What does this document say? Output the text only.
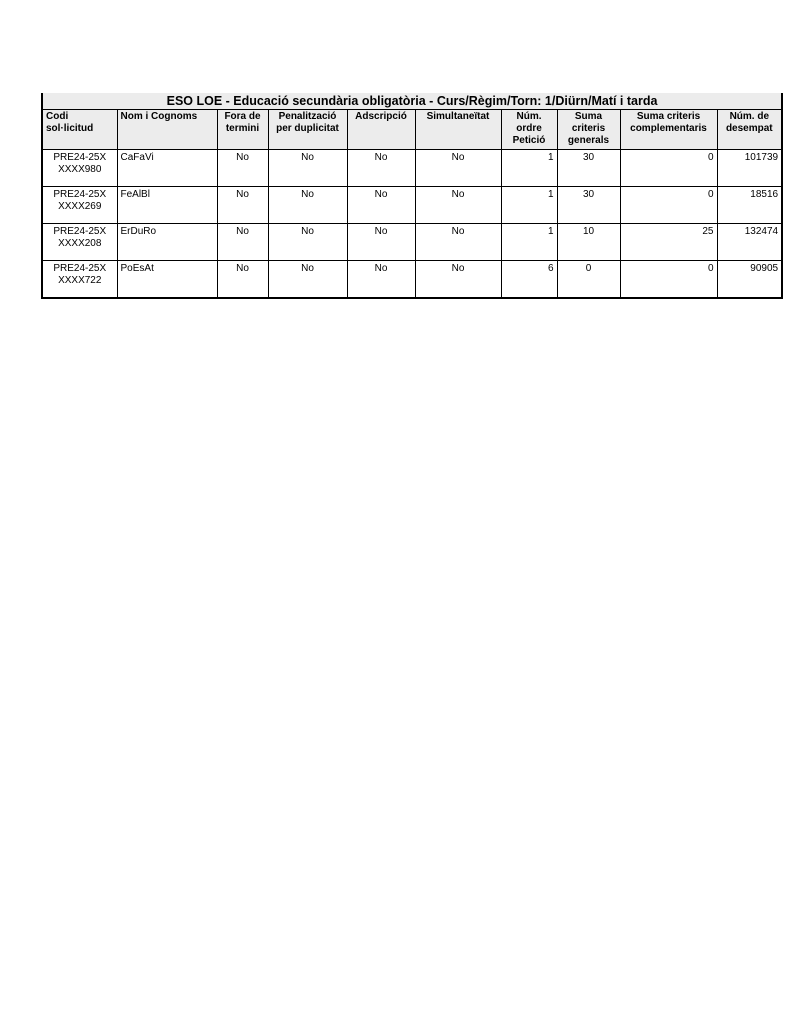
ESO LOE - Educació secundària obligatòria - Curs/Règim/Torn: 1/Diürn/Matí i tarda									
Codi sol·licitud	Nom i Cognoms	Fora de termini	Penalització per duplicitat	Adscripció	Simultaneïtat	Núm. ordre Petició	Suma criteris generals	Suma criteris complementaris	Núm. de desempat
PRE24-25XXXXX980	CaFaVi	No	No	No	No	1	30	0	101739
PRE24-25XXXXX269	FeAlBl	No	No	No	No	1	30	0	18516
PRE24-25XXXXX208	ErDuRo	No	No	No	No	1	10	25	132474
PRE24-25XXXXX722	PoEsAt	No	No	No	No	6	0	0	90905
